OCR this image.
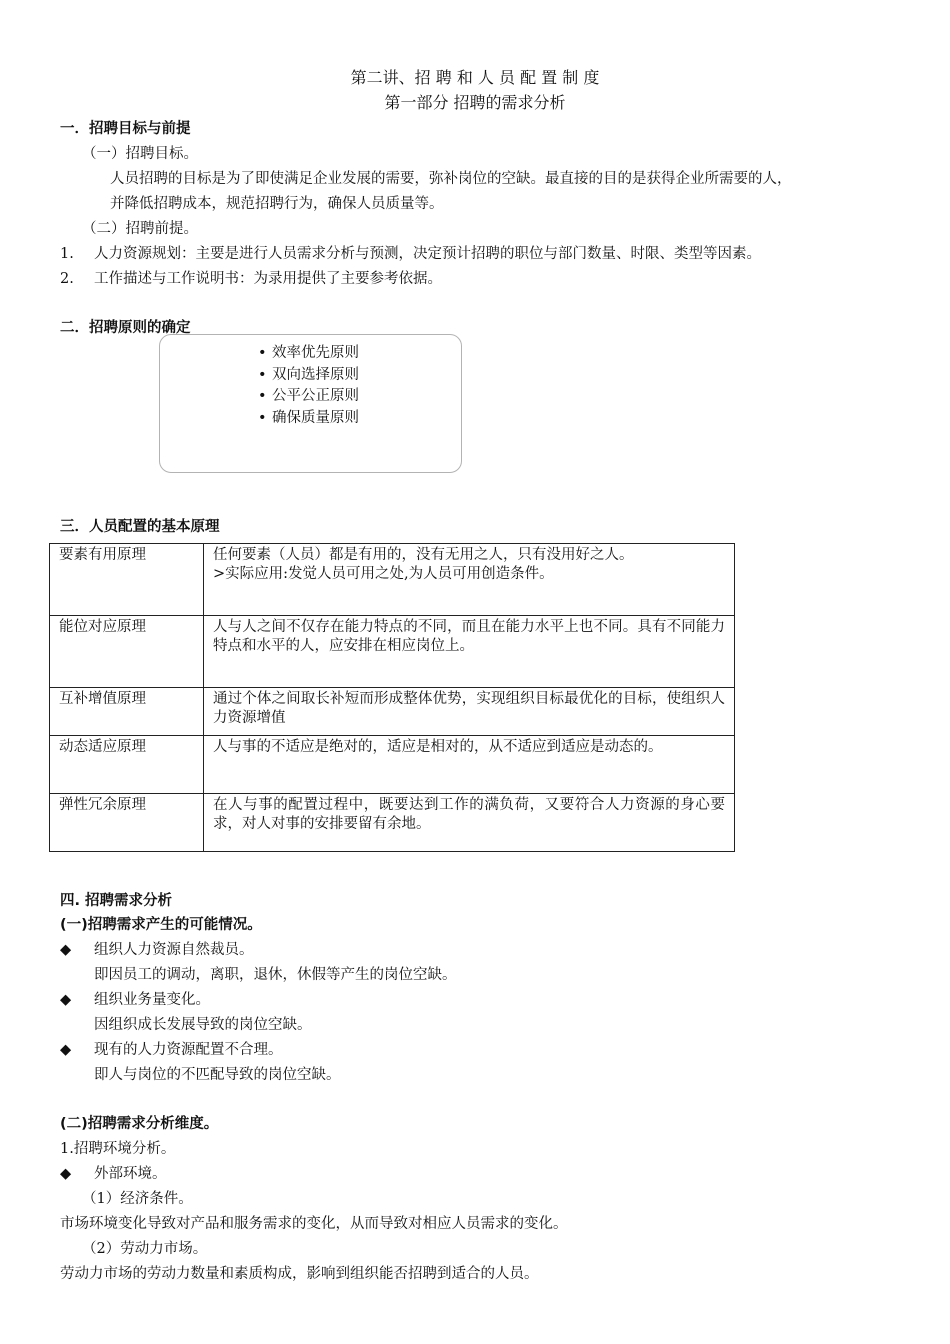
第二讲、招 聘 和 人 员 配 置 制 度
第一部分 招聘的需求分析
一．招聘目标与前提
（一）招聘目标。
人员招聘的目标是为了即使满足企业发展的需要，弥补岗位的空缺。最直接的目的是获得企业所需要的人，
并降低招聘成本，规范招聘行为，确保人员质量等。
（二）招聘前提。
1. 人力资源规划：主要是进行人员需求分析与预测，决定预计招聘的职位与部门数量、时限、类型等因素。
2. 工作描述与工作说明书：为录用提供了主要参考依据。
二．招聘原则的确定
• 效率优先原则
• 双向选择原则
• 公平公正原则
• 确保质量原则
三．人员配置的基本原理
要素有用原理	任何要素（人员）都是有用的，没有无用之人，只有没用好之人。
>实际应用:发觉人员可用之处,为人员可用创造条件。

能位对应原理	人与人之间不仅存在能力特点的不同，而且在能力水平上也不同。具有不同能力特点和水平的人，应安排在相应岗位上。
互补增值原理	通过个体之间取长补短而形成整体优势，实现组织目标最优化的目标，使组织人力资源增值
动态适应原理	人与事的不适应是绝对的，适应是相对的，从不适应到适应是动态的。
弹性冗余原理	在人与事的配置过程中，既要达到工作的满负荷，又要符合人力资源的身心要求，对人对事的安排要留有余地。
四. 招聘需求分析
(一)招聘需求产生的可能情况。
◆ 组织人力资源自然裁员。
即因员工的调动，离职，退休，休假等产生的岗位空缺。
◆ 组织业务量变化。
因组织成长发展导致的岗位空缺。
◆ 现有的人力资源配置不合理。
即人与岗位的不匹配导致的岗位空缺。
(二)招聘需求分析维度。
1.招聘环境分析。
◆ 外部环境。
（1）经济条件。
市场环境变化导致对产品和服务需求的变化，从而导致对相应人员需求的变化。
（2）劳动力市场。
劳动力市场的劳动力数量和素质构成，影响到组织能否招聘到适合的人员。
